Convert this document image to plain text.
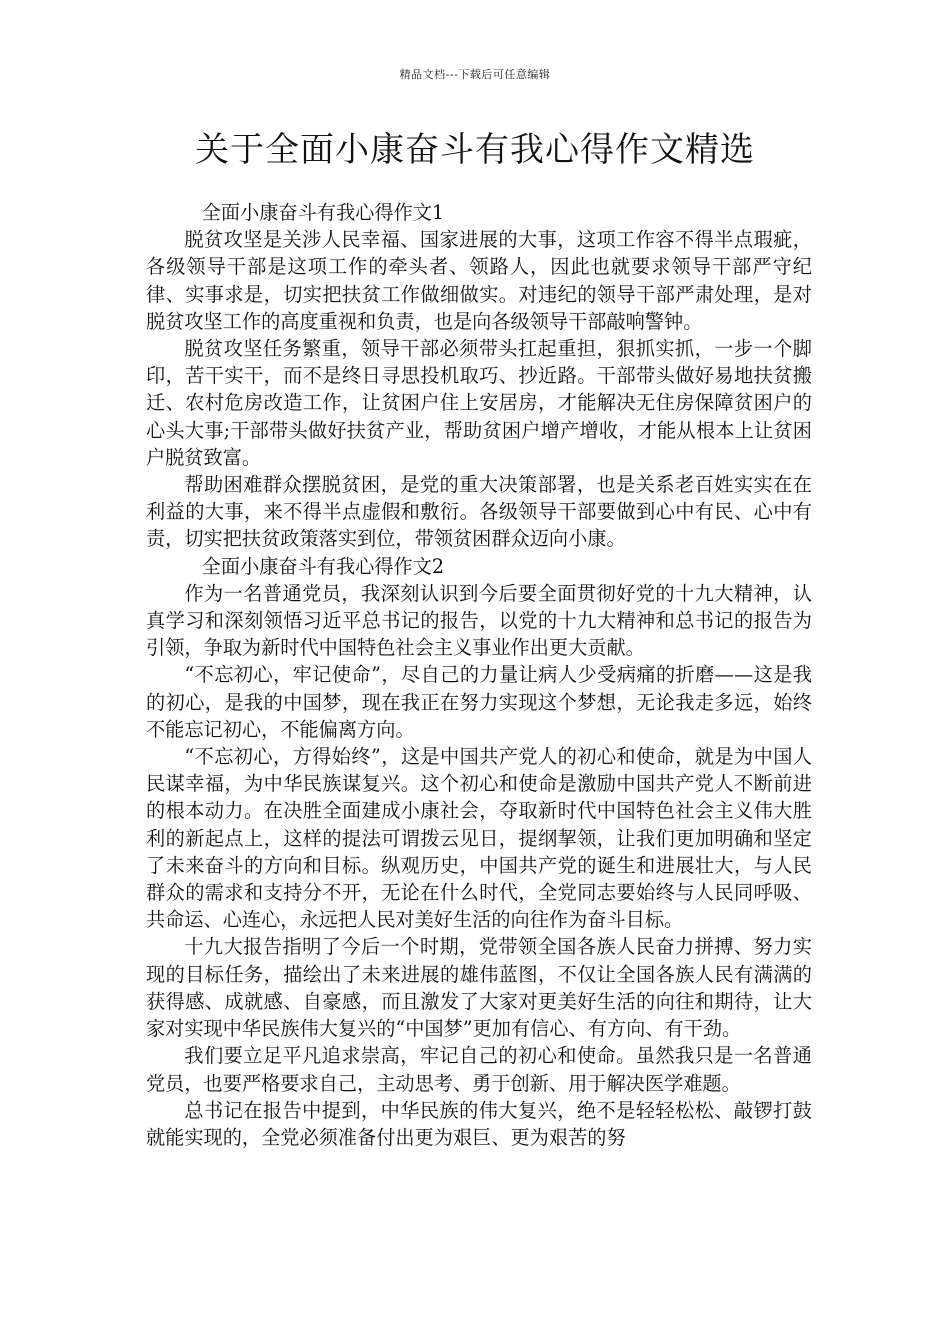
精品文档---下载后可任意编辑
关于全面小康奋斗有我心得作文精选

全面小康奋斗有我心得作文1

脱贫攻坚是关涉人民幸福、国家进展的大事，这项工作容不得半点瑕疵，各级领导干部是这项工作的牵头者、领路人，因此也就要求领导干部严守纪律、实事求是，切实把扶贫工作做细做实。对违纪的领导干部严肃处理，是对脱贫攻坚工作的高度重视和负责，也是向各级领导干部敲响警钟。

脱贫攻坚任务繁重，领导干部必须带头扛起重担，狠抓实抓，一步一个脚印，苦干实干，而不是终日寻思投机取巧、抄近路。干部带头做好易地扶贫搬迁、农村危房改造工作，让贫困户住上安居房，才能解决无住房保障贫困户的心头大事;干部带头做好扶贫产业，帮助贫困户增产增收，才能从根本上让贫困户脱贫致富。

帮助困难群众摆脱贫困，是党的重大决策部署，也是关系老百姓实实在在利益的大事，来不得半点虚假和敷衍。各级领导干部要做到心中有民、心中有责，切实把扶贫政策落实到位，带领贫困群众迈向小康。

全面小康奋斗有我心得作文2

作为一名普通党员，我深刻认识到今后要全面贯彻好党的十九大精神，认真学习和深刻领悟习近平总书记的报告，以党的十九大精神和总书记的报告为引领，争取为新时代中国特色社会主义事业作出更大贡献。

“不忘初心，牢记使命”，尽自己的力量让病人少受病痛的折磨——这是我的初心，是我的中国梦，现在我正在努力实现这个梦想，无论我走多远，始终不能忘记初心，不能偏离方向。

“不忘初心，方得始终”，这是中国共产党人的初心和使命，就是为中国人民谋幸福，为中华民族谋复兴。这个初心和使命是激励中国共产党人不断前进的根本动力。在决胜全面建成小康社会，夺取新时代中国特色社会主义伟大胜利的新起点上，这样的提法可谓拨云见日，提纲挈领，让我们更加明确和坚定了未来奋斗的方向和目标。纵观历史，中国共产党的诞生和进展壮大，与人民群众的需求和支持分不开，无论在什么时代，全党同志要始终与人民同呼吸、共命运、心连心，永远把人民对美好生活的向往作为奋斗目标。

十九大报告指明了今后一个时期，党带领全国各族人民奋力拼搏、努力实现的目标任务，描绘出了未来进展的雄伟蓝图，不仅让全国各族人民有满满的获得感、成就感、自豪感，而且激发了大家对更美好生活的向往和期待，让大家对实现中华民族伟大复兴的“中国梦”更加有信心、有方向、有干劲。

我们要立足平凡追求崇高，牢记自己的初心和使命。虽然我只是一名普通党员，也要严格要求自己，主动思考、勇于创新、用于解决医学难题。

总书记在报告中提到，中华民族的伟大复兴，绝不是轻轻松松、敲锣打鼓就能实现的，全党必须准备付出更为艰巨、更为艰苦的努
